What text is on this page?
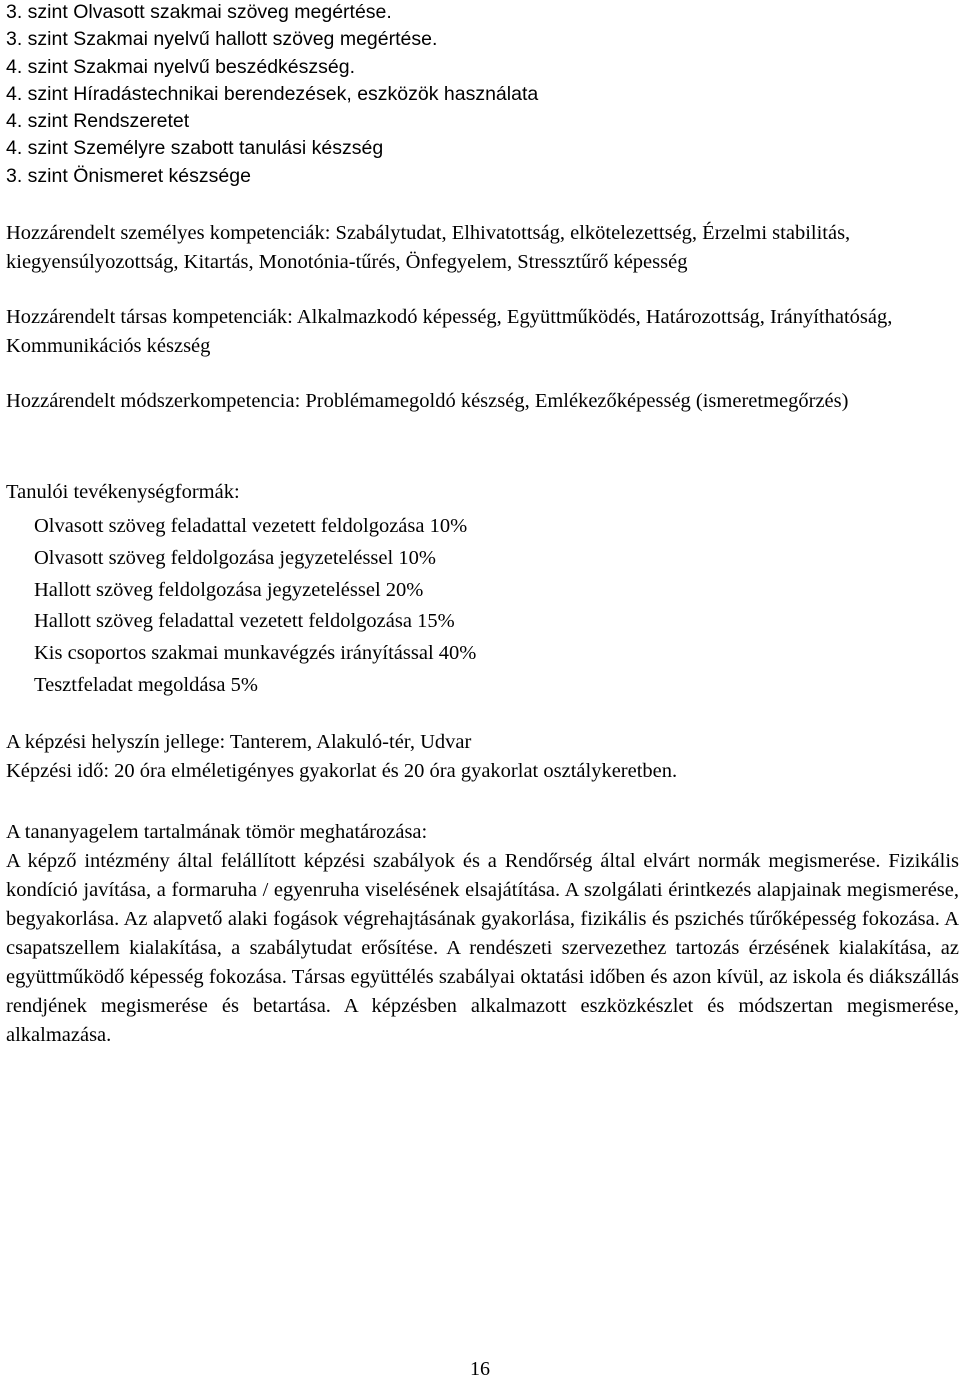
3. szint Olvasott szakmai szöveg megértése.
3. szint Szakmai nyelvű hallott szöveg megértése.
4. szint Szakmai nyelvű beszédkészség.
4. szint Híradástechnikai berendezések, eszközök használata
4. szint Rendszeretet
4. szint Személyre szabott tanulási készség
3. szint Önismeret készsége

Hozzárendelt személyes kompetenciák: Szabálytudat, Elhivatottság, elkötelezettség, Érzelmi stabilitás, kiegyensúlyozottság, Kitartás, Monotónia-tűrés, Önfegyelem, Stressztűrő képesség

Hozzárendelt társas kompetenciák: Alkalmazkodó képesség, Együttműködés, Határozottság, Irányíthatóság, Kommunikációs készség

Hozzárendelt módszerkompetencia: Problémamegoldó készség, Emlékezőképesség (ismeretmegőrzés)

Tanulói tevékenységformák:
Olvasott szöveg feladattal vezetett feldolgozása 10%
Olvasott szöveg feldolgozása jegyzeteléssel 10%
Hallott szöveg feldolgozása jegyzeteléssel 20%
Hallott szöveg feladattal vezetett feldolgozása 15%
Kis csoportos szakmai munkavégzés irányítással 40%
Tesztfeladat megoldása 5%
A képzési helyszín jellege: Tanterem, Alakuló-tér, Udvar
Képzési idő: 20 óra elméletigényes gyakorlat és 20 óra gyakorlat osztálykeretben.
A tananyagelem tartalmának tömör meghatározása:
A képző intézmény által felállított képzési szabályok és a Rendőrség által elvárt normák megismerése. Fizikális kondíció javítása, a formaruha / egyenruha viselésének elsajátítása. A szolgálati érintkezés alapjainak megismerése, begyakorlása. Az alapvető alaki fogások végrehajtásának gyakorlása, fizikális és pszichés tűrőképesség fokozása. A csapatszellem kialakítása, a szabálytudat erősítése. A rendészeti szervezethez tartozás érzésének kialakítása, az együttműködő képesség fokozása. Társas együttélés szabályai oktatási időben és azon kívül, az iskola és diákszállás rendjének megismerése és betartása. A képzésben alkalmazott eszközkészlet és módszertan megismerése, alkalmazása.
16
